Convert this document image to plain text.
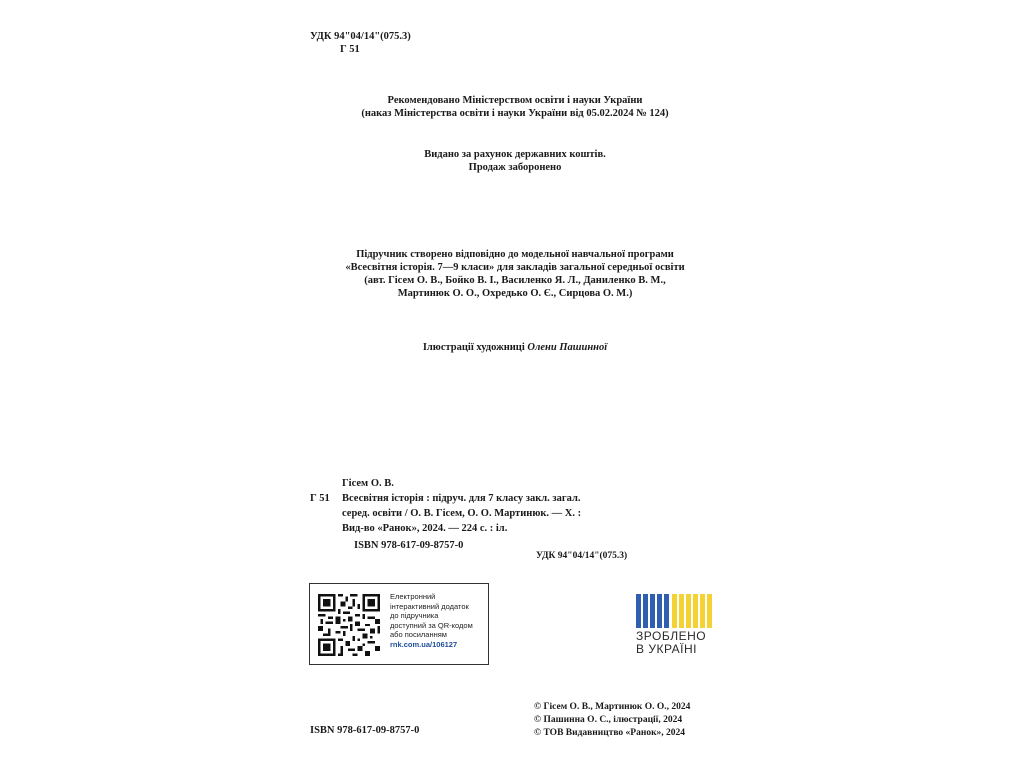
УДК 94"04/14"(075.3)
Г 51
Рекомендовано Міністерством освіти і науки України
(наказ Міністерства освіти і науки України від 05.02.2024 № 124)
Видано за рахунок державних коштів.
Продаж заборонено
Підручник створено відповідно до модельної навчальної програми
«Всесвітня історія. 7—9 класи» для закладів загальної середньої освіти
(авт. Гісем О. В., Бойко В. І., Василенко Я. Л., Даниленко В. М.,
Мартинюк О. О., Охредько О. Є., Сирцова О. М.)
Ілюстрації художниці Олени Пашинної
Гісем О. В.
Г 51	Всесвітня історія : підруч. для 7 класу закл. загал.
серед. освіти / О. В. Гісем, О. О. Мартинюк. — Х. :
Вид-во «Ранок», 2024. — 224 с. : іл.
ISBN 978-617-09-8757-0
УДК 94"04/14"(075.3)
Електронний
інтерактивний додаток
до підручника
доступний за QR-кодом
або посиланням
rnk.com.ua/106127
ЗРОБЛЕНО
В УКРАЇНІ
ISBN 978-617-09-8757-0
© Гісем О. В., Мартинюк О. О., 2024
© Пашинна О. С., ілюстрації, 2024
© ТОВ Видавництво «Ранок», 2024
